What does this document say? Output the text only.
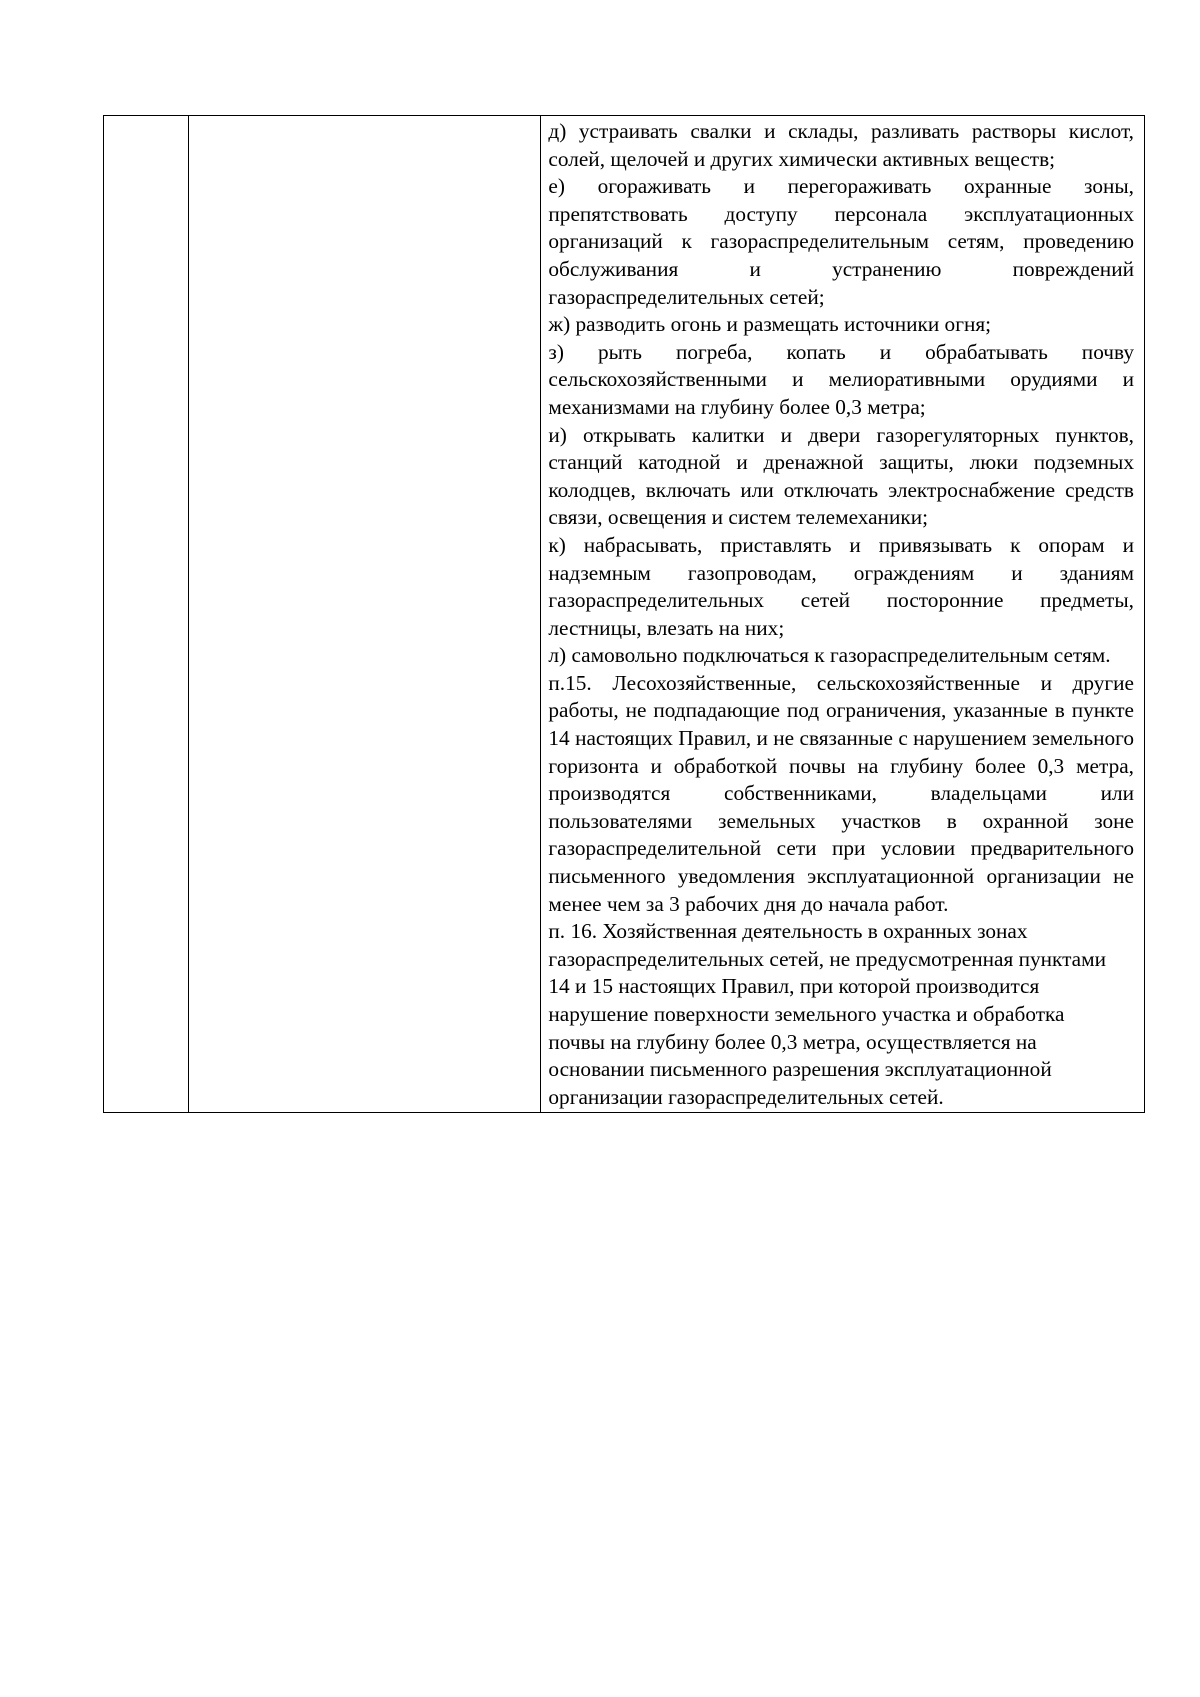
д) устраивать свалки и склады, разливать растворы кислот, солей, щелочей и других химически активных веществ;

е) огораживать и перегораживать охранные зоны, препятствовать доступу персонала эксплуатационных организаций к газораспределительным сетям, проведению обслуживания и устранению повреждений газораспределительных сетей;

ж) разводить огонь и размещать источники огня;

з) рыть погреба, копать и обрабатывать почву сельскохозяйственными и мелиоративными орудиями и механизмами на глубину более 0,3 метра;

и) открывать калитки и двери газорегуляторных пунктов, станций катодной и дренажной защиты, люки подземных колодцев, включать или отключать электроснабжение средств связи, освещения и систем телемеханики;

к) набрасывать, приставлять и привязывать к опорам и надземным газопроводам, ограждениям и зданиям газораспределительных сетей посторонние предметы, лестницы, влезать на них;

л) самовольно подключаться к газораспределительным сетям.

п.15. Лесохозяйственные, сельскохозяйственные и другие работы, не подпадающие под ограничения, указанные в пункте 14 настоящих Правил, и не связанные с нарушением земельного горизонта и обработкой почвы на глубину более 0,3 метра, производятся собственниками, владельцами или пользователями земельных участков в охранной зоне газораспределительной сети при условии предварительного письменного уведомления эксплуатационной организации не менее чем за 3 рабочих дня до начала работ.

п. 16. Хозяйственная деятельность в охранных зонах газораспределительных сетей, не предусмотренная пунктами 14 и 15 настоящих Правил, при которой производится нарушение поверхности земельного участка и обработка почвы на глубину более 0,3 метра, осуществляется на основании письменного разрешения эксплуатационной организации газораспределительных сетей.
